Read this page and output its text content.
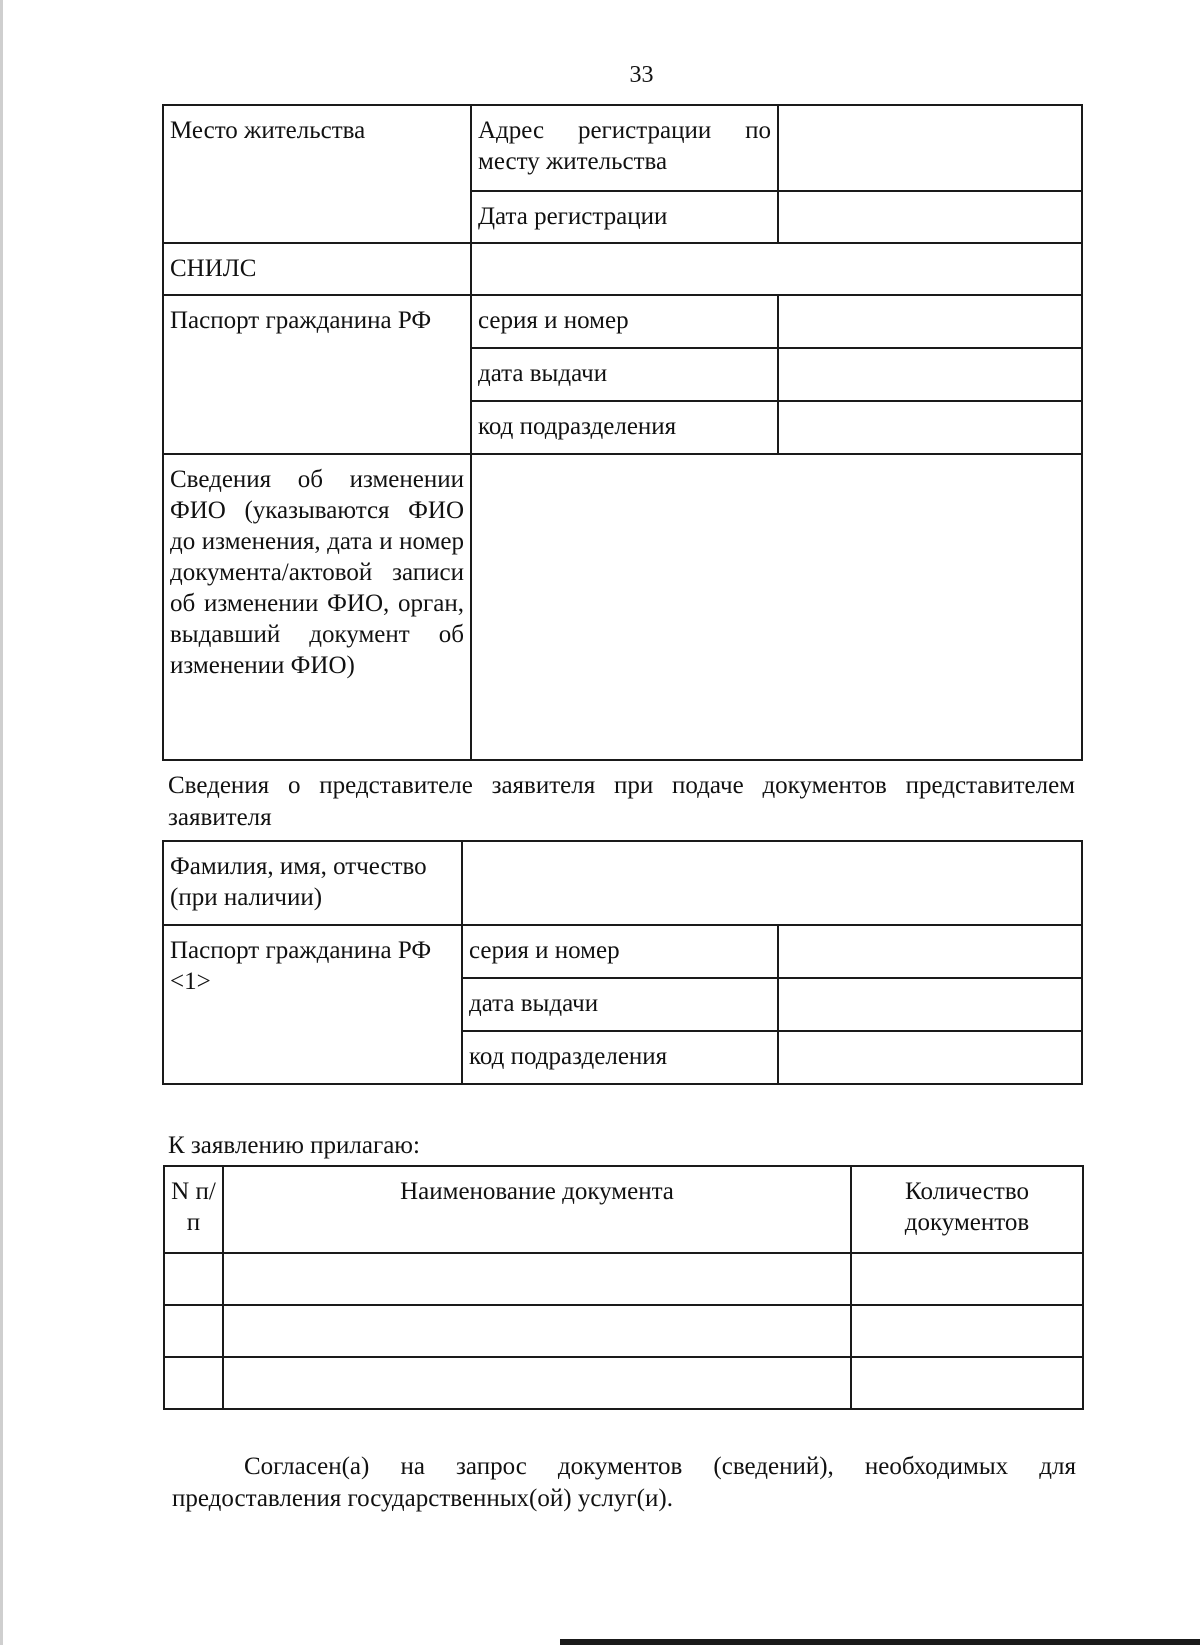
33
Место жительства	Адрес регистрации по месту жительства	
	Дата регистрации	
СНИЛС		
Паспорт гражданина РФ	серия и номер	
	дата выдачи	
	код подразделения	
Сведения об изменении ФИО (указываются ФИО до изменения, дата и номер документа/актовой записи об изменении ФИО, орган, выдавший документ об изменении ФИО)		
Сведения о представителе заявителя при подаче документов представителем заявителя
Фамилия, имя, отчество (при наличии)		
Паспорт гражданина РФ <1>	серия и номер	
	дата выдачи	
	код подразделения	
К заявлению прилагаю:
N п/п	Наименование документа	Количество документов

Согласен(а) на запрос документов (сведений), необходимых для предоставления государственных(ой) услуг(и).
